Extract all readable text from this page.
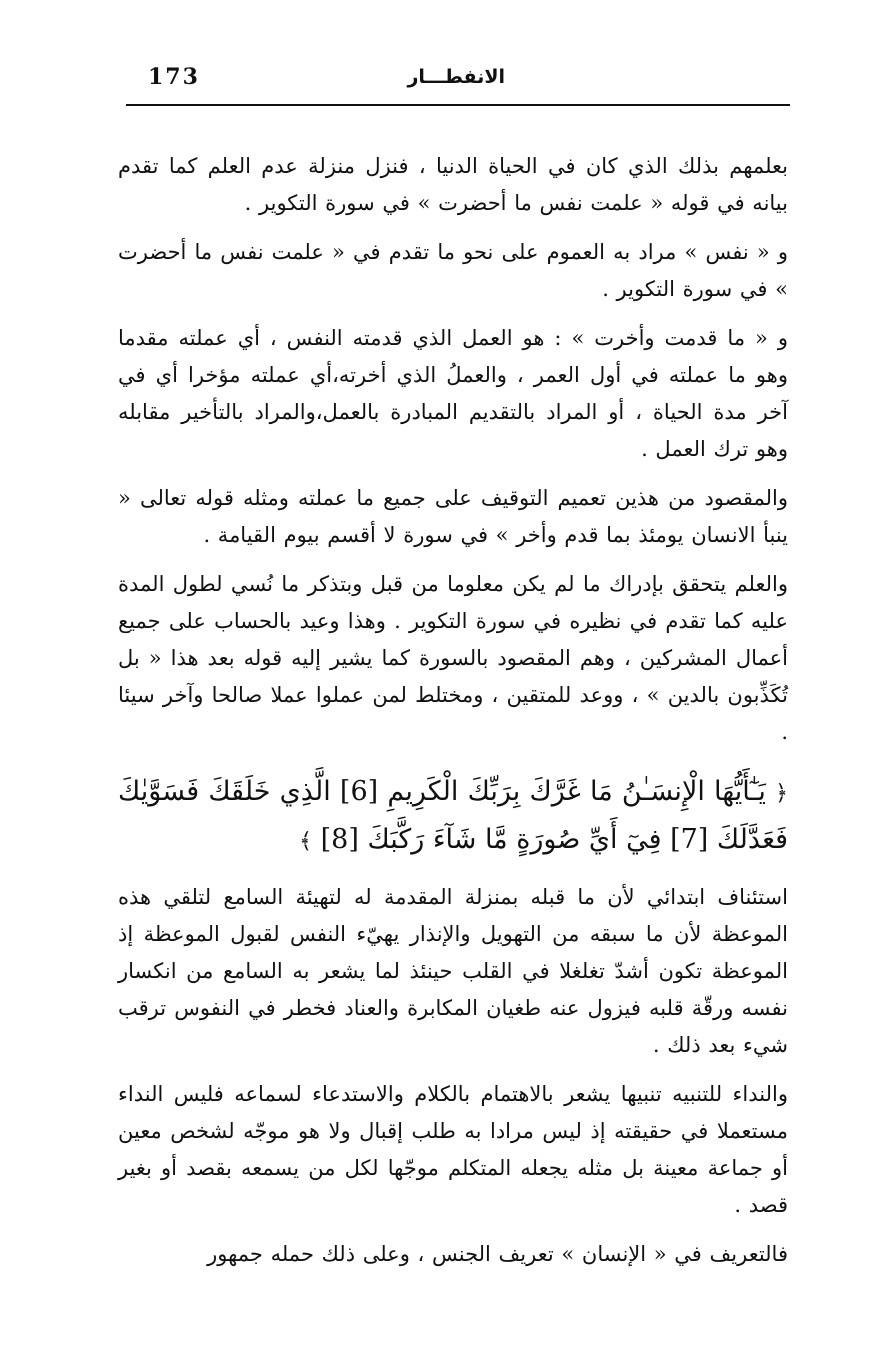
173	الانفطـــار

بعلمهم بذلك الذي كان في الحياة الدنيا ، فنزل منزلة عدم العلم كما تقدم بيانه في قوله « علمت نفس ما أحضرت » في سورة التكوير .

و « نفس » مراد به العموم على نحو ما تقدم في « علمت نفس ما أحضرت » في سورة التكوير .

و « ما قدمت وأخرت » : هو العمل الذي قدمته النفس ، أي عملته مقدما وهو ما عملته في أول العمر ، والعملُ الذي أخرته،أي عملته مؤخرا أي في آخر مدة الحياة ، أو المراد بالتقديم المبادرة بالعمل،والمراد بالتأخير مقابله وهو ترك العمل .

والمقصود من هذين تعميم التوقيف على جميع ما عملته ومثله قوله تعالى « ينبأ الانسان يومئذ بما قدم وأخر » في سورة لا أقسم بيوم القيامة .

والعلم يتحقق بإدراك ما لم يكن معلوما من قبل وبتذكر ما نُسي لطول المدة عليه كما تقدم في نظيره في سورة التكوير . وهذا وعيد بالحساب على جميع أعمال المشركين ، وهم المقصود بالسورة كما يشير إليه قوله بعد هذا « بل تُكَذِّبون بالدين » ، ووعد للمتقين ، ومختلط لمن عملوا عملا صالحا وآخر سيئا .

﴿ يَـٰٓأَيُّهَا الْإِنسَـٰنُ مَا غَرَّكَ بِرَبِّكَ الْكَرِيمِ [6] الَّذِي خَلَقَكَ فَسَوَّيٰكَ فَعَدَّلَكَ [7] فِيٓ أَيِّ صُورَةٍ مَّا شَآءَ رَكَّبَكَ [8] ﴾

استئناف ابتدائي لأن ما قبله بمنزلة المقدمة له لتهيئة السامع لتلقي هذه الموعظة لأن ما سبقه من التهويل والإنذار يهيّء النفس لقبول الموعظة إذ الموعظة تكون أشدّ تغلغلا في القلب حينئذ لما يشعر به السامع من انكسار نفسه ورقّة قلبه فيزول عنه طغيان المكابرة والعناد فخطر في النفوس ترقب شيء بعد ذلك .

والنداء للتنبيه تنبيها يشعر بالاهتمام بالكلام والاستدعاء لسماعه فليس النداء مستعملا في حقيقته إذ ليس مرادا به طلب إقبال ولا هو موجّه لشخص معين أو جماعة معينة بل مثله يجعله المتكلم موجّها لكل من يسمعه بقصد أو بغير قصد .

فالتعريف في « الإنسان » تعريف الجنس ، وعلى ذلك حمله جمهور
